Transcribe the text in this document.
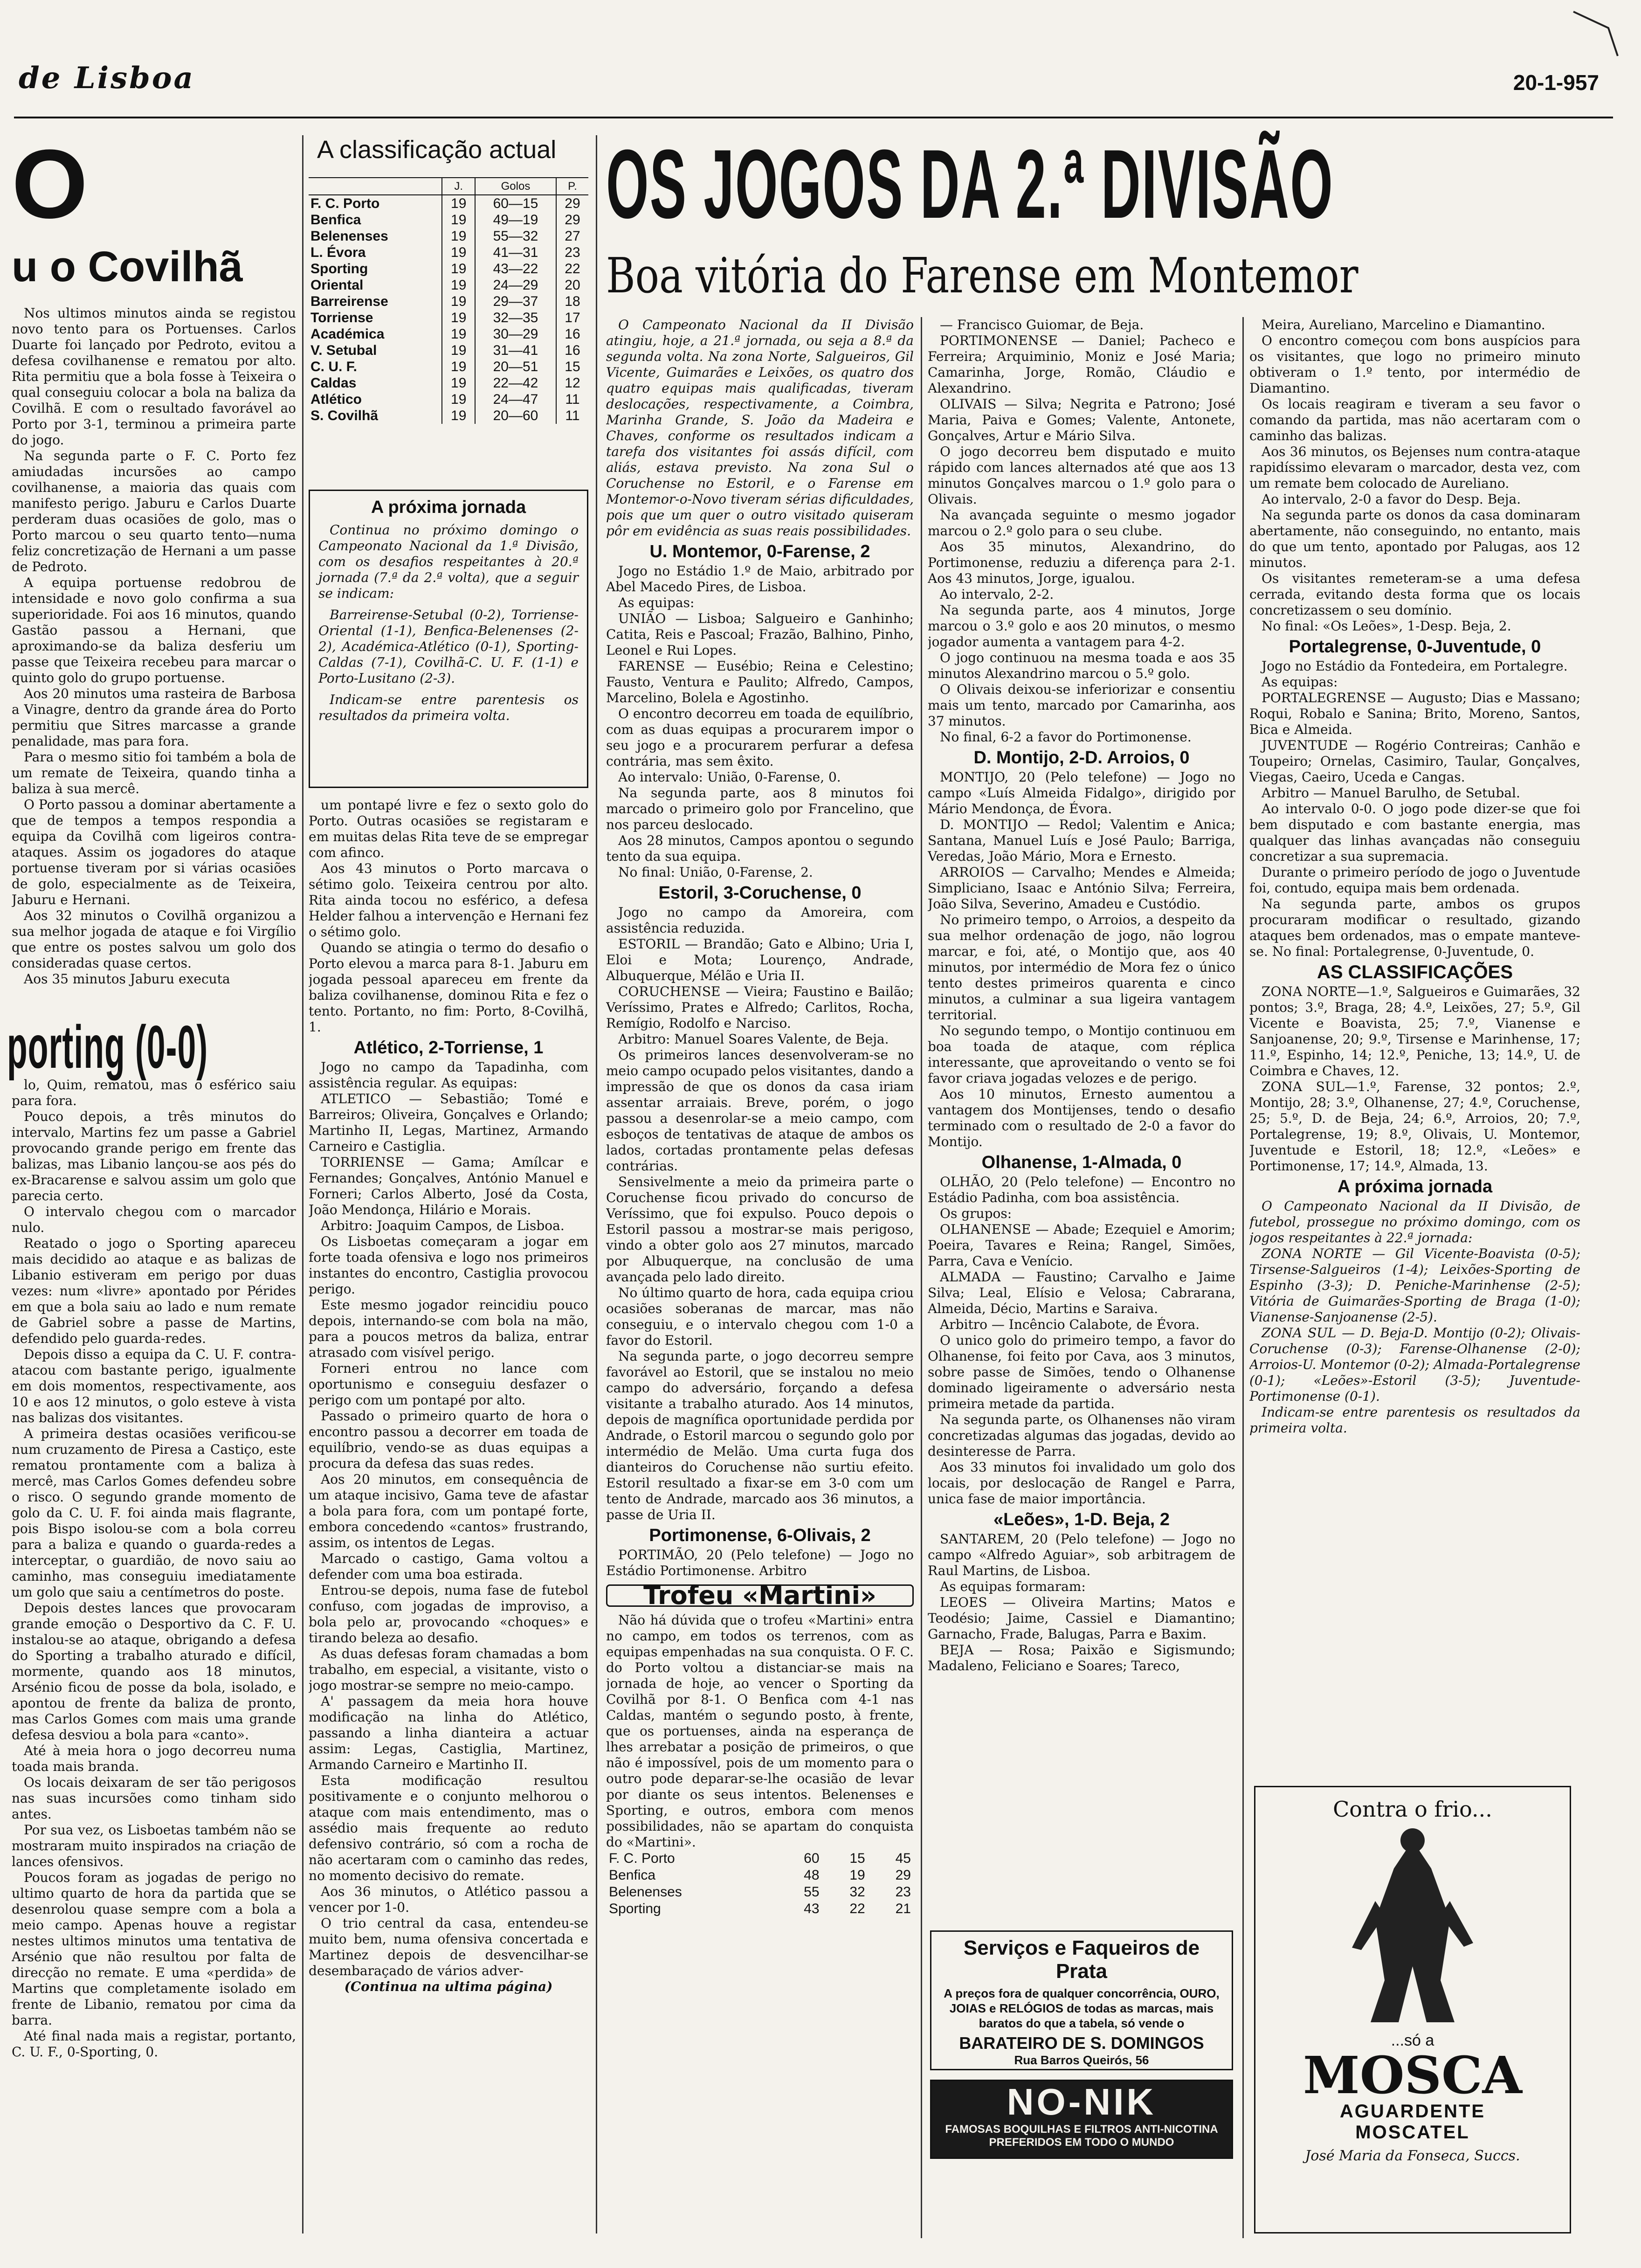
de Lisboa	20-1-957
O
u o Covilhã

Nos ultimos minutos ainda se registou novo tento para os Portuenses. Carlos Duarte foi lançado por Pedroto, evitou a defesa covilhanense e rematou por alto. Rita permitiu que a bola fosse à Teixeira o qual conseguiu colocar a bola na baliza da Covilhã. E com o resultado favorável ao Porto por 3-1, terminou a primeira parte do jogo.

Na segunda parte o F. C. Porto fez amiudadas incursões ao campo covilhanense, a maioria das quais com manifesto perigo. Jaburu e Carlos Duarte perderam duas ocasiões de golo, mas o Porto marcou o seu quarto tento—numa feliz concretização de Hernani a um passe de Pedroto.

A equipa portuense redobrou de intensidade e novo golo confirma a sua superioridade. Foi aos 16 minutos, quando Gastão passou a Hernani, que aproximando-se da baliza desferiu um passe que Teixeira recebeu para marcar o quinto golo do grupo portuense.

Aos 20 minutos uma rasteira de Barbosa a Vinagre, dentro da grande área do Porto permitiu que Sitres marcasse a grande penalidade, mas para fora.

Para o mesmo sitio foi também a bola de um remate de Teixeira, quando tinha a baliza à sua mercê.

O Porto passou a dominar abertamente a que de tempos a tempos respondia a equipa da Covilhã com ligeiros contra-ataques. Assim os jogadores do ataque portuense tiveram por si várias ocasiões de golo, especialmente as de Teixeira, Jaburu e Hernani.

Aos 32 minutos o Covilhã organizou a sua melhor jogada de ataque e foi Virgílio que entre os postes salvou um golo dos consideradas quase certos.

Aos 35 minutos Jaburu executa

porting (0-0)

lo, Quim, rematou, mas o esférico saiu para fora.

Pouco depois, a três minutos do intervalo, Martins fez um passe a Gabriel provocando grande perigo em frente das balizas, mas Libanio lançou-se aos pés do ex-Bracarense e salvou assim um golo que parecia certo.

O intervalo chegou com o marcador nulo.

Reatado o jogo o Sporting apareceu mais decidido ao ataque e as balizas de Libanio estiveram em perigo por duas vezes: num «livre» apontado por Pérides em que a bola saiu ao lado e num remate de Gabriel sobre a passe de Martins, defendido pelo guarda-redes.

Depois disso a equipa da C. U. F. contra-atacou com bastante perigo, igualmente em dois momentos, respectivamente, aos 10 e aos 12 minutos, o golo esteve à vista nas balizas dos visitantes.

A primeira destas ocasiões verificou-se num cruzamento de Piresa a Castiço, este rematou prontamente com a baliza à mercê, mas Carlos Gomes defendeu sobre o risco. O segundo grande momento de golo da C. U. F. foi ainda mais flagrante, pois Bispo isolou-se com a bola correu para a baliza e quando o guarda-redes a interceptar, o guardião, de novo saiu ao caminho, mas conseguiu imediatamente um golo que saiu a centímetros do poste.

Depois destes lances que provocaram grande emoção o Desportivo da C. F. U. instalou-se ao ataque, obrigando a defesa do Sporting a trabalho aturado e difícil, mormente, quando aos 18 minutos, Arsénio ficou de posse da bola, isolado, e apontou de frente da baliza de pronto, mas Carlos Gomes com mais uma grande defesa desviou a bola para «canto».

Até à meia hora o jogo decorreu numa toada mais branda.

Os locais deixaram de ser tão perigosos nas suas incursões como tinham sido antes.

Por sua vez, os Lisboetas também não se mostraram muito inspirados na criação de lances ofensivos.

Poucos foram as jogadas de perigo no ultimo quarto de hora da partida que se desenrolou quase sempre com a bola a meio campo. Apenas houve a registar nestes ultimos minutos uma tentativa de Arsénio que não resultou por falta de direcção no remate. E uma «perdida» de Martins que completamente isolado em frente de Libanio, rematou por cima da barra.

Até final nada mais a registar, portanto, C. U. F., 0-Sporting, 0.

A classificação actual
	J.	Golos	P.
F. C. Porto	19	60—15	29
Benfica	19	49—19	29
Belenenses	19	55—32	27
L. Évora	19	41—31	23
Sporting	19	43—22	22
Oriental	19	24—29	20
Barreirense	19	29—37	18
Torriense	19	32—35	17
Académica	19	30—29	16
V. Setubal	19	31—41	16
C. U. F.	19	20—51	15
Caldas	19	22—42	12
Atlético	19	24—47	11
S. Covilhã	19	20—60	11
A próxima jornada

Continua no próximo domingo o Campeonato Nacional da 1.ª Divisão, com os desafios respeitantes à 20.ª jornada (7.ª da 2.ª volta), que a seguir se indicam:

Barreirense-Setubal (0-2), Torriense-Oriental (1-1), Benfica-Belenenses (2-2), Académica-Atlético (0-1), Sporting-Caldas (7-1), Covilhã-C. U. F. (1-1) e Porto-Lusitano (2-3).

Indicam-se entre parentesis os resultados da primeira volta.

um pontapé livre e fez o sexto golo do Porto. Outras ocasiões se registaram e em muitas delas Rita teve de se empregar com afinco.

Aos 43 minutos o Porto marcava o sétimo golo. Teixeira centrou por alto. Rita ainda tocou no esférico, a defesa Helder falhou a intervenção e Hernani fez o sétimo golo.

Quando se atingia o termo do desafio o Porto elevou a marca para 8-1. Jaburu em jogada pessoal apareceu em frente da baliza covilhanense, dominou Rita e fez o tento. Portanto, no fim: Porto, 8-Covilhã, 1.

Atlético, 2-Torriense, 1

Jogo no campo da Tapadinha, com assistência regular. As equipas:

ATLETICO — Sebastião; Tomé e Barreiros; Oliveira, Gonçalves e Orlando; Martinho II, Legas, Martinez, Armando Carneiro e Castiglia.

TORRIENSE — Gama; Amílcar e Fernandes; Gonçalves, António Manuel e Forneri; Carlos Alberto, José da Costa, João Mendonça, Hilário e Morais.

Arbitro: Joaquim Campos, de Lisboa.

Os Lisboetas começaram a jogar em forte toada ofensiva e logo nos primeiros instantes do encontro, Castiglia provocou perigo.

Este mesmo jogador reincidiu pouco depois, internando-se com bola na mão, para a poucos metros da baliza, entrar atrasado com visível perigo.

Forneri entrou no lance com oportunismo e conseguiu desfazer o perigo com um pontapé por alto.

Passado o primeiro quarto de hora o encontro passou a decorrer em toada de equilíbrio, vendo-se as duas equipas a procura da defesa das suas redes.

Aos 20 minutos, em consequência de um ataque incisivo, Gama teve de afastar a bola para fora, com um pontapé forte, embora concedendo «cantos» frustrando, assim, os intentos de Legas.

Marcado o castigo, Gama voltou a defender com uma boa estirada.

Entrou-se depois, numa fase de futebol confuso, com jogadas de improviso, a bola pelo ar, provocando «choques» e tirando beleza ao desafio.

As duas defesas foram chamadas a bom trabalho, em especial, a visitante, visto o jogo mostrar-se sempre no meio-campo.

A' passagem da meia hora houve modificação na linha do Atlético, passando a linha dianteira a actuar assim: Legas, Castiglia, Martinez, Armando Carneiro e Martinho II.

Esta modificação resultou positivamente e o conjunto melhorou o ataque com mais entendimento, mas o assédio mais frequente ao reduto defensivo contrário, só com a rocha de não acertaram com o caminho das redes, no momento decisivo do remate.

Aos 36 minutos, o Atlético passou a vencer por 1-0.

O trio central da casa, entendeu-se muito bem, numa ofensiva concertada e Martinez depois de desvencilhar-se desembaraçado de vários adver-

(Continua na ultima página)
OS JOGOS DA 2.ª DIVISÃO
Boa vitória do Farense em Montemor

O Campeonato Nacional da II Divisão atingiu, hoje, a 21.ª jornada, ou seja a 8.ª da segunda volta. Na zona Norte, Salgueiros, Gil Vicente, Guimarães e Leixões, os quatro dos quatro equipas mais qualificadas, tiveram deslocações, respectivamente, a Coimbra, Marinha Grande, S. João da Madeira e Chaves, conforme os resultados indicam a tarefa dos visitantes foi assás difícil, com aliás, estava previsto. Na zona Sul o Coruchense no Estoril, e o Farense em Montemor-o-Novo tiveram sérias dificuldades, pois que um quer o outro visitado quiseram pôr em evidência as suas reais possibilidades.

U. Montemor, 0-Farense, 2

Jogo no Estádio 1.º de Maio, arbitrado por Abel Macedo Pires, de Lisboa.

As equipas:

UNIÃO — Lisboa; Salgueiro e Ganhinho; Catita, Reis e Pascoal; Frazão, Balhino, Pinho, Leonel e Rui Lopes.

FARENSE — Eusébio; Reina e Celestino; Fausto, Ventura e Paulito; Alfredo, Campos, Marcelino, Bolela e Agostinho.

O encontro decorreu em toada de equilíbrio, com as duas equipas a procurarem impor o seu jogo e a procurarem perfurar a defesa contrária, mas sem êxito.

Ao intervalo: União, 0-Farense, 0.

Na segunda parte, aos 8 minutos foi marcado o primeiro golo por Francelino, que nos parceu deslocado.

Aos 28 minutos, Campos apontou o segundo tento da sua equipa.

No final: União, 0-Farense, 2.

Estoril, 3-Coruchense, 0

Jogo no campo da Amoreira, com assistência reduzida.

ESTORIL — Brandão; Gato e Albino; Uria I, Eloi e Mota; Lourenço, Andrade, Albuquerque, Mélão e Uria II.

CORUCHENSE — Vieira; Faustino e Bailão; Veríssimo, Prates e Alfredo; Carlitos, Rocha, Remígio, Rodolfo e Narciso.

Arbitro: Manuel Soares Valente, de Beja.

Os primeiros lances desenvolveram-se no meio campo ocupado pelos visitantes, dando a impressão de que os donos da casa iriam assentar arraiais. Breve, porém, o jogo passou a desenrolar-se a meio campo, com esboços de tentativas de ataque de ambos os lados, cortadas prontamente pelas defesas contrárias.

Sensivelmente a meio da primeira parte o Coruchense ficou privado do concurso de Veríssimo, que foi expulso. Pouco depois o Estoril passou a mostrar-se mais perigoso, vindo a obter golo aos 27 minutos, marcado por Albuquerque, na conclusão de uma avançada pelo lado direito.

No último quarto de hora, cada equipa criou ocasiões soberanas de marcar, mas não conseguiu, e o intervalo chegou com 1-0 a favor do Estoril.

Na segunda parte, o jogo decorreu sempre favorável ao Estoril, que se instalou no meio campo do adversário, forçando a defesa visitante a trabalho aturado. Aos 14 minutos, depois de magnífica oportunidade perdida por Andrade, o Estoril marcou o segundo golo por intermédio de Melão. Uma curta fuga dos dianteiros do Coruchense não surtiu efeito. Estoril resultado a fixar-se em 3-0 com um tento de Andrade, marcado aos 36 minutos, a passe de Uria II.

Portimonense, 6-Olivais, 2

PORTIMÃO, 20 (Pelo telefone) — Jogo no Estádio Portimonense. Arbitro

Trofeu «Martini»

Não há dúvida que o trofeu «Martini» entra no campo, em todos os terrenos, com as equipas empenhadas na sua conquista. O F. C. do Porto voltou a distanciar-se mais na jornada de hoje, ao vencer o Sporting da Covilhã por 8-1. O Benfica com 4-1 nas Caldas, mantém o segundo posto, à frente, que os portuenses, ainda na esperança de lhes arrebatar a posição de primeiros, o que não é impossível, pois de um momento para o outro pode deparar-se-lhe ocasião de levar por diante os seus intentos. Belenenses e Sporting, e outros, embora com menos possibilidades, não se apartam do conquista do «Martini».

F. C. Porto	60	15	45
Benfica	48	19	29
Belenenses	55	32	23
Sporting	43	22	21

— Francisco Guiomar, de Beja.

PORTIMONENSE — Daniel; Pacheco e Ferreira; Arquiminio, Moniz e José Maria; Camarinha, Jorge, Romão, Cláudio e Alexandrino.

OLIVAIS — Silva; Negrita e Patrono; José Maria, Paiva e Gomes; Valente, Antonete, Gonçalves, Artur e Mário Silva.

O jogo decorreu bem disputado e muito rápido com lances alternados até que aos 13 minutos Gonçalves marcou o 1.º golo para o Olivais.

Na avançada seguinte o mesmo jogador marcou o 2.º golo para o seu clube.

Aos 35 minutos, Alexandrino, do Portimonense, reduziu a diferença para 2-1. Aos 43 minutos, Jorge, igualou.

Ao intervalo, 2-2.

Na segunda parte, aos 4 minutos, Jorge marcou o 3.º golo e aos 20 minutos, o mesmo jogador aumenta a vantagem para 4-2.

O jogo continuou na mesma toada e aos 35 minutos Alexandrino marcou o 5.º golo.

O Olivais deixou-se inferiorizar e consentiu mais um tento, marcado por Camarinha, aos 37 minutos.

No final, 6-2 a favor do Portimonense.

D. Montijo, 2-D. Arroios, 0

MONTIJO, 20 (Pelo telefone) — Jogo no campo «Luís Almeida Fidalgo», dirigido por Mário Mendonça, de Évora.

D. MONTIJO — Redol; Valentim e Anica; Santana, Manuel Luís e José Paulo; Barriga, Veredas, João Mário, Mora e Ernesto.

ARROIOS — Carvalho; Mendes e Almeida; Simpliciano, Isaac e António Silva; Ferreira, João Silva, Severino, Amadeu e Custódio.

No primeiro tempo, o Arroios, a despeito da sua melhor ordenação de jogo, não logrou marcar, e foi, até, o Montijo que, aos 40 minutos, por intermédio de Mora fez o único tento destes primeiros quarenta e cinco minutos, a culminar a sua ligeira vantagem territorial.

No segundo tempo, o Montijo continuou em boa toada de ataque, com réplica interessante, que aproveitando o vento se foi favor criava jogadas velozes e de perigo.

Aos 10 minutos, Ernesto aumentou a vantagem dos Montijenses, tendo o desafio terminado com o resultado de 2-0 a favor do Montijo.

Olhanense, 1-Almada, 0

OLHÃO, 20 (Pelo telefone) — Encontro no Estádio Padinha, com boa assistência.

Os grupos:

OLHANENSE — Abade; Ezequiel e Amorim; Poeira, Tavares e Reina; Rangel, Simões, Parra, Cava e Venício.

ALMADA — Faustino; Carvalho e Jaime Silva; Leal, Elísio e Velosa; Cabrarana, Almeida, Décio, Martins e Saraiva.

Arbitro — Incêncio Calabote, de Évora.

O unico golo do primeiro tempo, a favor do Olhanense, foi feito por Cava, aos 3 minutos, sobre passe de Simões, tendo o Olhanense dominado ligeiramente o adversário nesta primeira metade da partida.

Na segunda parte, os Olhanenses não viram concretizadas algumas das jogadas, devido ao desinteresse de Parra.

Aos 33 minutos foi invalidado um golo dos locais, por deslocação de Rangel e Parra, unica fase de maior importância.

«Leões», 1-D. Beja, 2

SANTAREM, 20 (Pelo telefone) — Jogo no campo «Alfredo Aguiar», sob arbitragem de Raul Martins, de Lisboa.

As equipas formaram:

LEOES — Oliveira Martins; Matos e Teodésio; Jaime, Cassiel e Diamantino; Garnacho, Frade, Balugas, Parra e Baxim.

BEJA — Rosa; Paixão e Sigismundo; Madaleno, Feliciano e Soares; Tareco,

Serviços e Faqueiros de Prata
A preços fora de qualquer concorrência, OURO, JOIAS e RELÓGIOS de todas as marcas, mais baratos do que a tabela, só vende o
BARATEIRO DE S. DOMINGOS
Rua Barros Queirós, 56
NO-NIK
FAMOSAS BOQUILHAS E FILTROS ANTI-NICOTINA PREFERIDOS EM TODO O MUNDO

Meira, Aureliano, Marcelino e Diamantino.

O encontro começou com bons auspícios para os visitantes, que logo no primeiro minuto obtiveram o 1.º tento, por intermédio de Diamantino.

Os locais reagiram e tiveram a seu favor o comando da partida, mas não acertaram com o caminho das balizas.

Aos 36 minutos, os Bejenses num contra-ataque rapidíssimo elevaram o marcador, desta vez, com um remate bem colocado de Aureliano.

Ao intervalo, 2-0 a favor do Desp. Beja.

Na segunda parte os donos da casa dominaram abertamente, não conseguindo, no entanto, mais do que um tento, apontado por Palugas, aos 12 minutos.

Os visitantes remeteram-se a uma defesa cerrada, evitando desta forma que os locais concretizassem o seu domínio.

No final: «Os Leões», 1-Desp. Beja, 2.

Portalegrense, 0-Juventude, 0

Jogo no Estádio da Fontedeira, em Portalegre.

As equipas:

PORTALEGRENSE — Augusto; Dias e Massano; Roqui, Robalo e Sanina; Brito, Moreno, Santos, Bica e Almeida.

JUVENTUDE — Rogério Contreiras; Canhão e Toupeiro; Ornelas, Casimiro, Taular, Gonçalves, Viegas, Caeiro, Uceda e Cangas.

Arbitro — Manuel Barulho, de Setubal.

Ao intervalo 0-0. O jogo pode dizer-se que foi bem disputado e com bastante energia, mas qualquer das linhas avançadas não conseguiu concretizar a sua supremacia.

Durante o primeiro período de jogo o Juventude foi, contudo, equipa mais bem ordenada.

Na segunda parte, ambos os grupos procuraram modificar o resultado, gizando ataques bem ordenados, mas o empate manteve-se. No final: Portalegrense, 0-Juventude, 0.

AS CLASSIFICAÇÕES

ZONA NORTE—1.º, Salgueiros e Guimarães, 32 pontos; 3.º, Braga, 28; 4.º, Leixões, 27; 5.º, Gil Vicente e Boavista, 25; 7.º, Vianense e Sanjoanense, 20; 9.º, Tirsense e Marinhense, 17; 11.º, Espinho, 14; 12.º, Peniche, 13; 14.º, U. de Coimbra e Chaves, 12.

ZONA SUL—1.º, Farense, 32 pontos; 2.º, Montijo, 28; 3.º, Olhanense, 27; 4.º, Coruchense, 25; 5.º, D. de Beja, 24; 6.º, Arroios, 20; 7.º, Portalegrense, 19; 8.º, Olivais, U. Montemor, Juventude e Estoril, 18; 12.º, «Leões» e Portimonense, 17; 14.º, Almada, 13.

A próxima jornada

O Campeonato Nacional da II Divisão, de futebol, prossegue no próximo domingo, com os jogos respeitantes à 22.ª jornada:

ZONA NORTE — Gil Vicente-Boavista (0-5); Tirsense-Salgueiros (1-4); Leixões-Sporting de Espinho (3-3); D. Peniche-Marinhense (2-5); Vitória de Guimarães-Sporting de Braga (1-0); Vianense-Sanjoanense (2-5).

ZONA SUL — D. Beja-D. Montijo (0-2); Olivais-Coruchense (0-3); Farense-Olhanense (2-0); Arroios-U. Montemor (0-2); Almada-Portalegrense (0-1); «Leões»-Estoril (3-5); Juventude-Portimonense (0-1).

Indicam-se entre parentesis os resultados da primeira volta.

Contra o frio...
...só a
MOSCA
AGUARDENTE
MOSCATEL
José Maria da Fonseca, Succs.
